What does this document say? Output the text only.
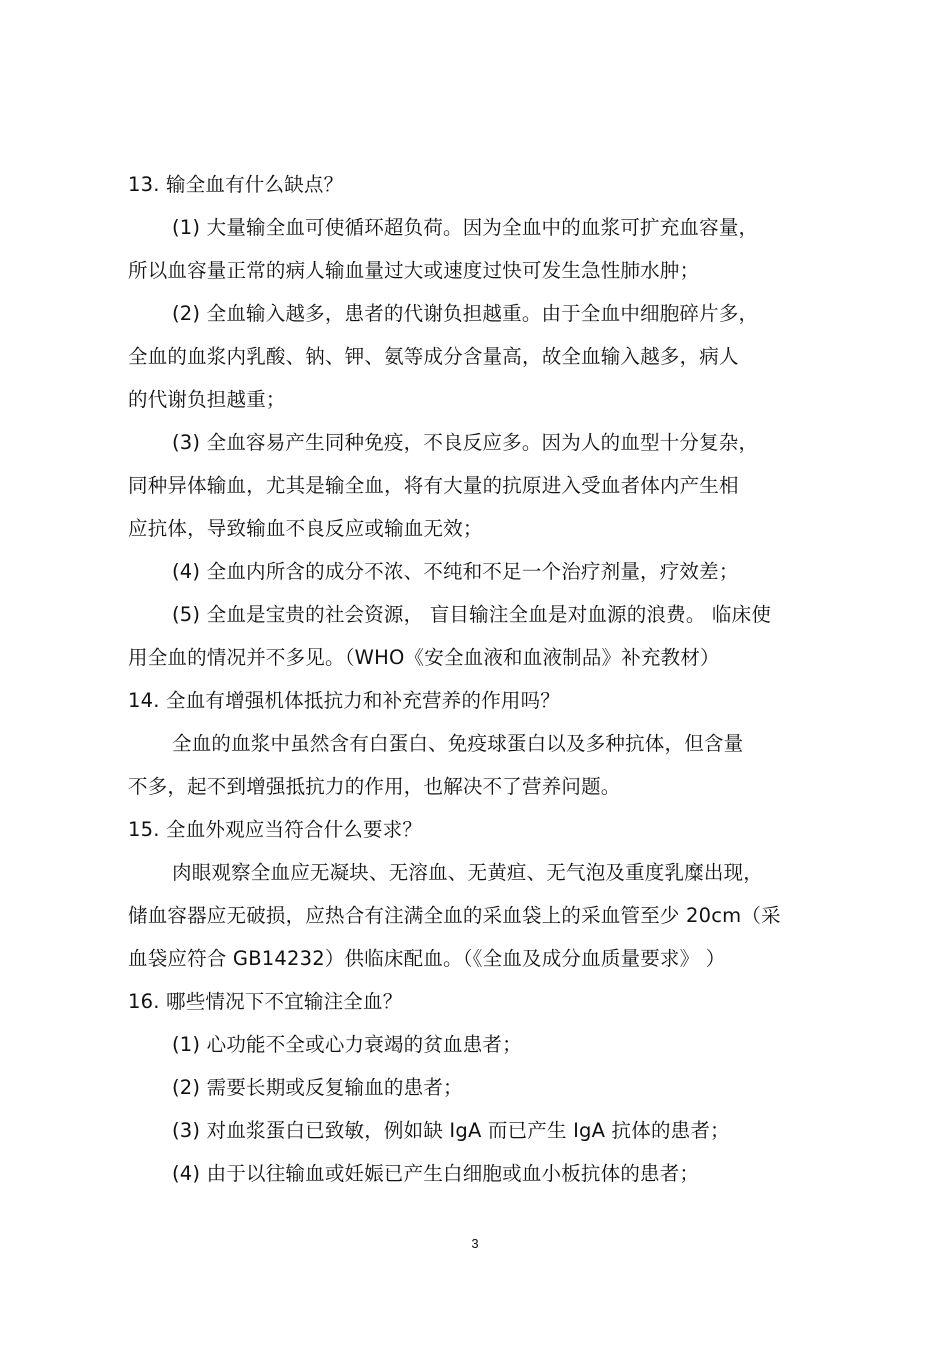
13. 输全血有什么缺点？
(1) 大量输全血可使循环超负荷。因为全血中的血浆可扩充血容量，
所以血容量正常的病人输血量过大或速度过快可发生急性肺水肿；
(2) 全血输入越多，患者的代谢负担越重。由于全血中细胞碎片多，
全血的血浆内乳酸、钠、钾、氨等成分含量高，故全血输入越多，病人
的代谢负担越重；
(3) 全血容易产生同种免疫，不良反应多。因为人的血型十分复杂，
同种异体输血，尤其是输全血，将有大量的抗原进入受血者体内产生相
应抗体，导致输血不良反应或输血无效；
(4) 全血内所含的成分不浓、不纯和不足一个治疗剂量，疗效差；
(5) 全血是宝贵的社会资源， 盲目输注全血是对血源的浪费。 临床使
用全血的情况并不多见。（WHO《安全血液和血液制品》补充教材）
14. 全血有增强机体抵抗力和补充营养的作用吗？
全血的血浆中虽然含有白蛋白、免疫球蛋白以及多种抗体，但含量
不多，起不到增强抵抗力的作用，也解决不了营养问题。
15. 全血外观应当符合什么要求？
肉眼观察全血应无凝块、无溶血、无黄疸、无气泡及重度乳糜出现，
储血容器应无破损，应热合有注满全血的采血袋上的采血管至少 20cm（采
血袋应符合 GB14232）供临床配血。（《全血及成分血质量要求》 ）
16. 哪些情况下不宜输注全血？
(1) 心功能不全或心力衰竭的贫血患者；
(2) 需要长期或反复输血的患者；
(3) 对血浆蛋白已致敏，例如缺 IgA 而已产生 IgA 抗体的患者；
(4) 由于以往输血或妊娠已产生白细胞或血小板抗体的患者；
3
